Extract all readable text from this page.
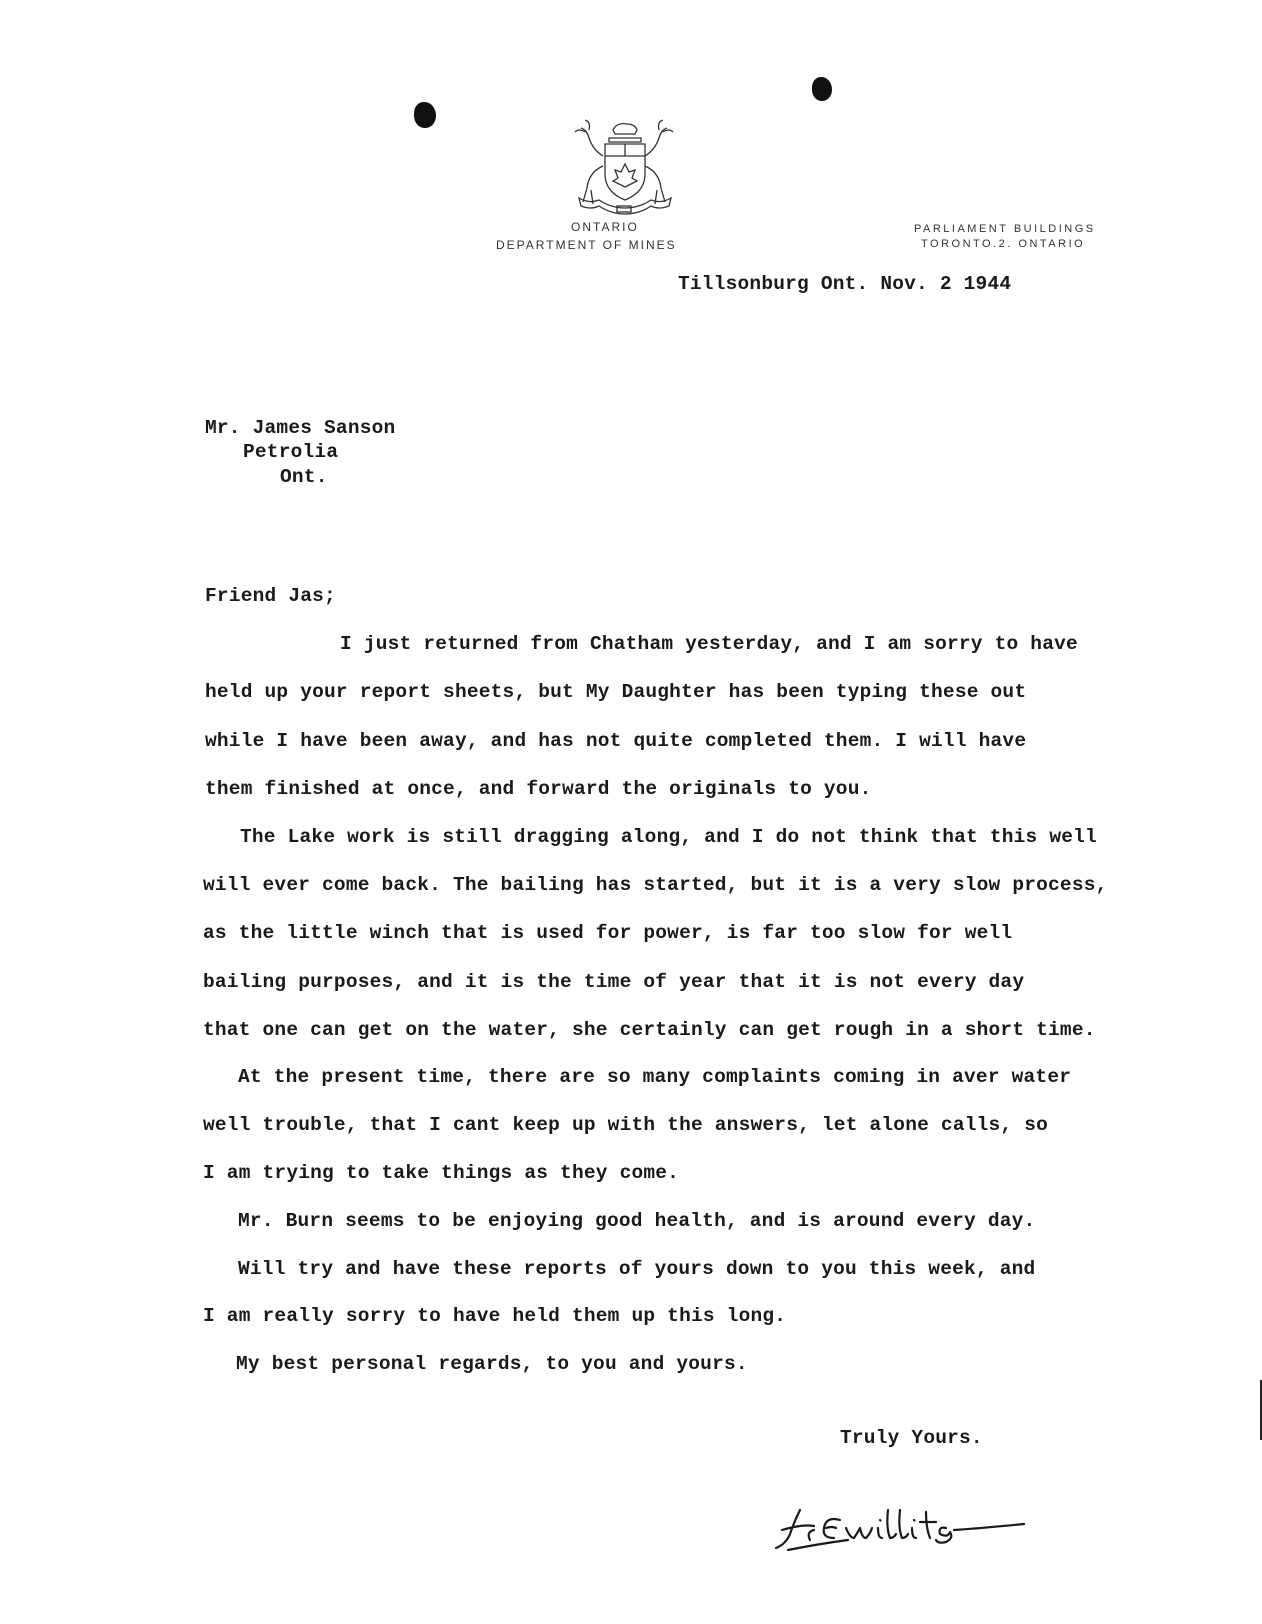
ONTARIO
DEPARTMENT OF MINES
PARLIAMENT BUILDINGS
TORONTO.2. ONTARIO
Tillsonburg Ont. Nov. 2 1944
Mr. James Sanson
Petrolia
Ont.
Friend Jas;
I just returned from Chatham yesterday, and I am sorry to have
held up your report sheets, but My Daughter has been typing these out
while I have been away, and has not quite completed them. I will have
them finished at once, and forward the originals to you.
The Lake work is still dragging along, and I do not think that this well
will ever come back. The bailing has started, but it is a very slow process,
as the little winch that is used for power, is far too slow for well
bailing purposes, and it is the time of year that it is not every day
that one can get on the water, she certainly can get rough in a short time.
At the present time, there are so many complaints coming in aver water
well trouble, that I cant keep up with the answers, let alone calls, so
I am trying to take things as they come.
Mr. Burn seems to be enjoying good health, and is around every day.
Will try and have these reports of yours down to you this week, and
I am really sorry to have held them up this long.
My best personal regards, to you and yours.
Truly Yours.
